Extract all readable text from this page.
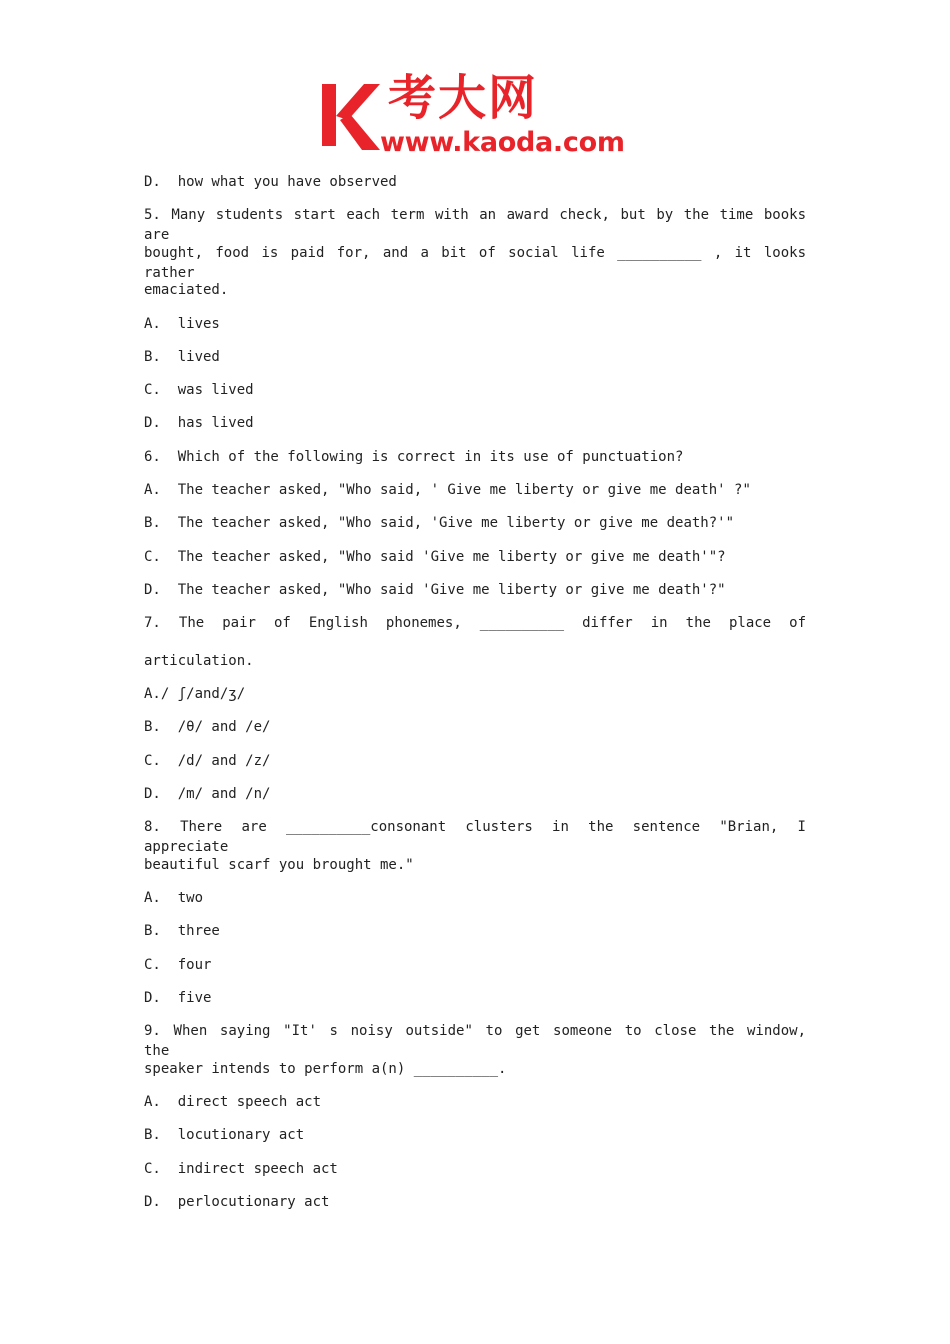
考大网
www.kaoda.com
D.  how what you have observed
5. Many students start each term with an award check, but by the time books are
bought, food is paid for, and a bit of social life __________ , it looks rather
emaciated.
A.  lives
B.  lived
C.  was lived
D.  has lived
6.  Which of the following is correct in its use of punctuation?
A.  The teacher asked, "Who said, ' Give me liberty or give me death' ?"
B.  The teacher asked, "Who said, 'Give me liberty or give me death?'"
C.  The teacher asked, "Who said 'Give me liberty or give me death'"?
D.  The teacher asked, "Who said 'Give me liberty or give me death'?"
7. The pair of English phonemes, __________ differ in the place of
articulation.
A./ ʃ/and/ʒ/
B.  /θ/ and /e/
C.  /d/ and /z/
D.  /m/ and /n/
8. There are __________consonant clusters in the sentence "Brian, I appreciate
beautiful scarf you brought me."
A.  two
B.  three
C.  four
D.  five
9. When saying "It' s noisy outside" to get someone to close the window, the
speaker intends to perform a(n) __________.
A.  direct speech act
B.  locutionary act
C.  indirect speech act
D.  perlocutionary act
